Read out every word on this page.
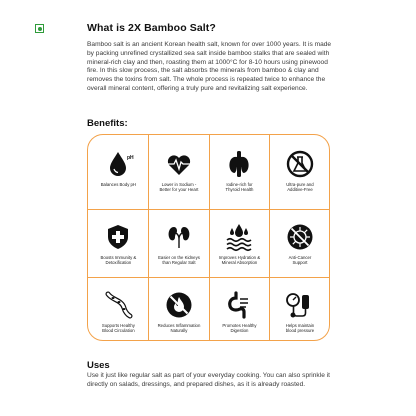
What is 2X Bamboo Salt?

Bamboo salt is an ancient Korean health salt, known for over 1000 years. It is made by packing unrefined crystallized sea salt inside bamboo stalks that are sealed with mineral-rich clay and then, roasting them at 1000°C for 8-10 hours using pinewood fire. In this slow process, the salt absorbs the minerals from bamboo & clay and removes the toxins from salt. The whole process is repeated twice to enhance the overall mineral content, offering a truly pure and revitalizing salt experience.

Benefits:
pH
Balances Body pH	Lower in Sodium -
Better for your Heart
Iodine-rich for
Thyroid Health
Ultra-pure and
Additive-Free
Boosts Immunity &
Detoxification
Easier on the Kidneys
than Regular Salt
Improves Hydration &
Mineral Absorption
Anti-Cancer
Support
Supports Healthy
Blood Circulation
Reduces Inflammation
Naturally
Promotes Healthy
Digestion
Helps maintain
blood pressure
Uses

Use it just like regular salt as part of your everyday cooking. You can also sprinkle it directly on salads, dressings, and prepared dishes, as it is already roasted.
